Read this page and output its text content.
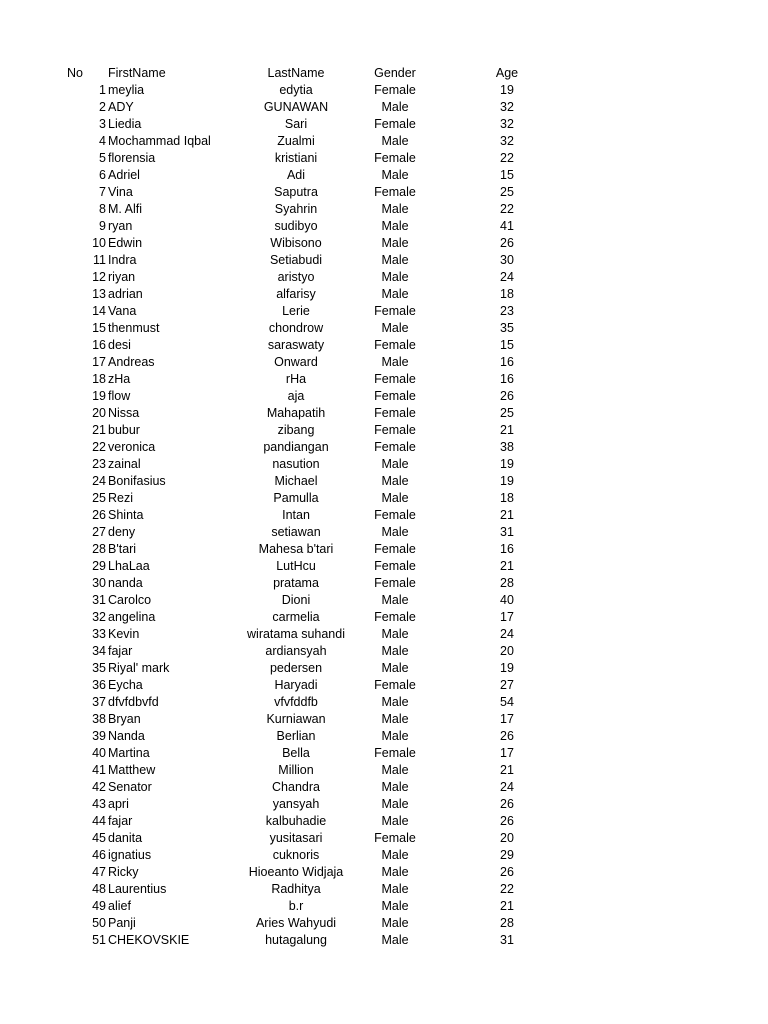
No FirstName	LastName	Gender	Age
1 meylia	edytia	Female	19
2 ADY	GUNAWAN	Male	32
3 Liedia	Sari	Female	32
4 Mochammad Iqbal	Zualmi	Male	32
5 florensia	kristiani	Female	22
6 Adriel	Adi	Male	15
7 Vina	Saputra	Female	25
8 M. Alfi	Syahrin	Male	22
9 ryan	sudibyo	Male	41
10 Edwin	Wibisono	Male	26
11 Indra	Setiabudi	Male	30
12 riyan	aristyo	Male	24
13 adrian	alfarisy	Male	18
14 Vana	Lerie	Female	23
15 thenmust	chondrow	Male	35
16 desi	saraswaty	Female	15
17 Andreas	Onward	Male	16
18 zHa	rHa	Female	16
19 flow	aja	Female	26
20 Nissa	Mahapatih	Female	25
21 bubur	zibang	Female	21
22 veronica	pandiangan	Female	38
23 zainal	nasution	Male	19
24 Bonifasius	Michael	Male	19
25 Rezi	Pamulla	Male	18
26 Shinta	Intan	Female	21
27 deny	setiawan	Male	31
28 B'tari	Mahesa b'tari	Female	16
29 LhaLaa	LutHcu	Female	21
30 nanda	pratama	Female	28
31 Carolco	Dioni	Male	40
32 angelina	carmelia	Female	17
33 Kevin	wiratama suhandi	Male	24
34 fajar	ardiansyah	Male	20
35 Riyal' mark	pedersen	Male	19
36 Eycha	Haryadi	Female	27
37 dfvfdbvfd	vfvfddfb	Male	54
38 Bryan	Kurniawan	Male	17
39 Nanda	Berlian	Male	26
40 Martina	Bella	Female	17
41 Matthew	Million	Male	21
42 Senator	Chandra	Male	24
43 apri	yansyah	Male	26
44 fajar	kalbuhadie	Male	26
45 danita	yusitasari	Female	20
46 ignatius	cuknoris	Male	29
47 Ricky	Hioeanto Widjaja	Male	26
48 Laurentius	Radhitya	Male	22
49 alief	b.r	Male	21
50 Panji	Aries Wahyudi	Male	28
51 CHEKOVSKIE	hutagalung	Male	31
